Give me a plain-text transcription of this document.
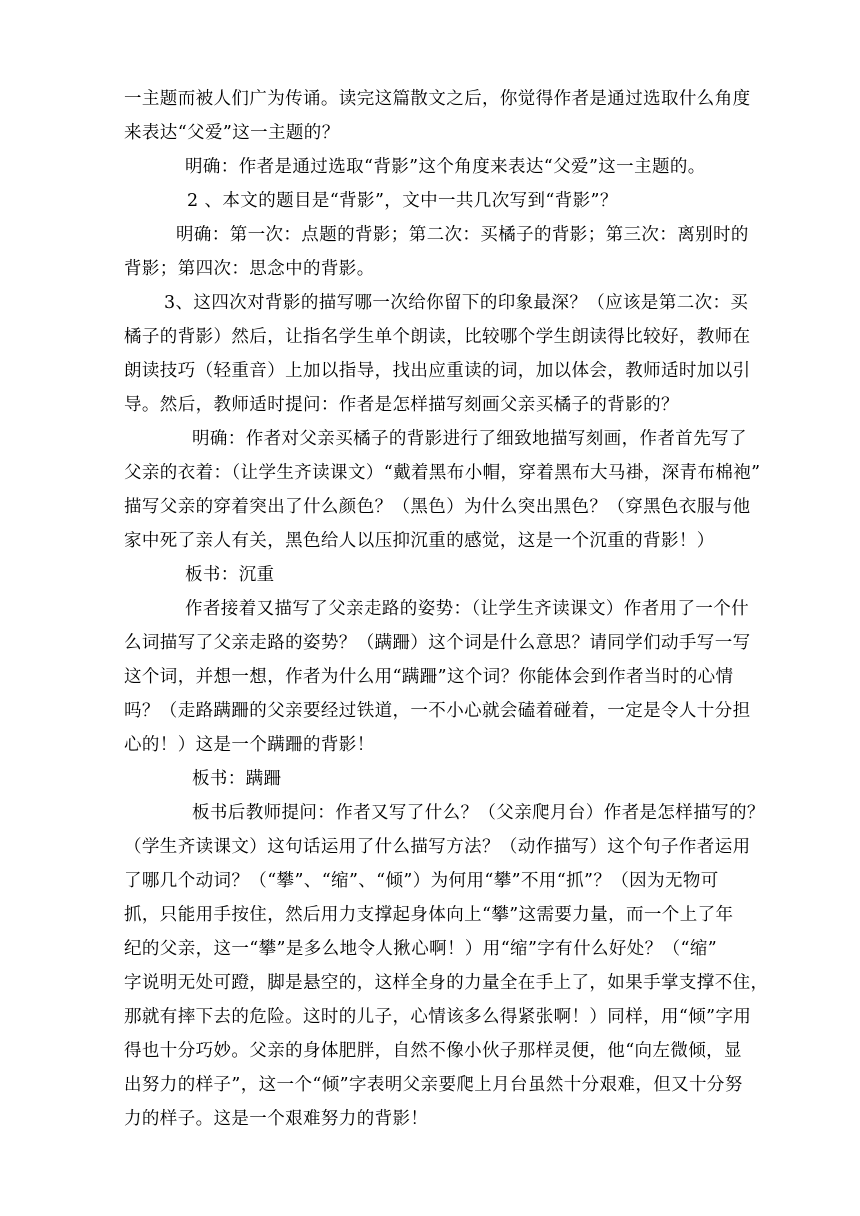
一主题而被人们广为传诵。读完这篇散文之后，你觉得作者是通过选取什么角度
来表达“父爱”这一主题的？
明确：作者是通过选取“背影”这个角度来表达“父爱”这一主题的。
2 、本文的题目是“背影”，文中一共几次写到“背影”？
明确：第一次：点题的背影；第二次：买橘子的背影；第三次：离别时的
背影；第四次：思念中的背影。
3、这四次对背影的描写哪一次给你留下的印象最深？（应该是第二次：买
橘子的背影）然后，让指名学生单个朗读，比较哪个学生朗读得比较好，教师在
朗读技巧（轻重音）上加以指导，找出应重读的词，加以体会，教师适时加以引
导。然后，教师适时提问：作者是怎样描写刻画父亲买橘子的背影的？
明确：作者对父亲买橘子的背影进行了细致地描写刻画，作者首先写了
父亲的衣着：（让学生齐读课文）“戴着黑布小帽，穿着黑布大马褂，深青布棉袍”
描写父亲的穿着突出了什么颜色？（黑色）为什么突出黑色？（穿黑色衣服与他
家中死了亲人有关，黑色给人以压抑沉重的感觉，这是一个沉重的背影！）
板书：沉重
作者接着又描写了父亲走路的姿势：（让学生齐读课文）作者用了一个什
么词描写了父亲走路的姿势？（蹒跚）这个词是什么意思？请同学们动手写一写
这个词，并想一想，作者为什么用“蹒跚”这个词？你能体会到作者当时的心情
吗？（走路蹒跚的父亲要经过铁道，一不小心就会磕着碰着，一定是令人十分担
心的！）这是一个蹒跚的背影！
板书：蹒跚
板书后教师提问：作者又写了什么？（父亲爬月台）作者是怎样描写的？
（学生齐读课文）这句话运用了什么描写方法？（动作描写）这个句子作者运用
了哪几个动词？（“攀”、“缩”、“倾”）为何用“攀”不用“抓”？（因为无物可
抓，只能用手按住，然后用力支撑起身体向上“攀”这需要力量，而一个上了年
纪的父亲，这一“攀”是多么地令人揪心啊！）用“缩”字有什么好处？（“缩”
字说明无处可蹬，脚是悬空的，这样全身的力量全在手上了，如果手掌支撑不住，
那就有摔下去的危险。这时的儿子，心情该多么得紧张啊！）同样，用“倾”字用
得也十分巧妙。父亲的身体肥胖，自然不像小伙子那样灵便，他“向左微倾，显
出努力的样子”，这一个“倾”字表明父亲要爬上月台虽然十分艰难，但又十分努
力的样子。这是一个艰难努力的背影！
